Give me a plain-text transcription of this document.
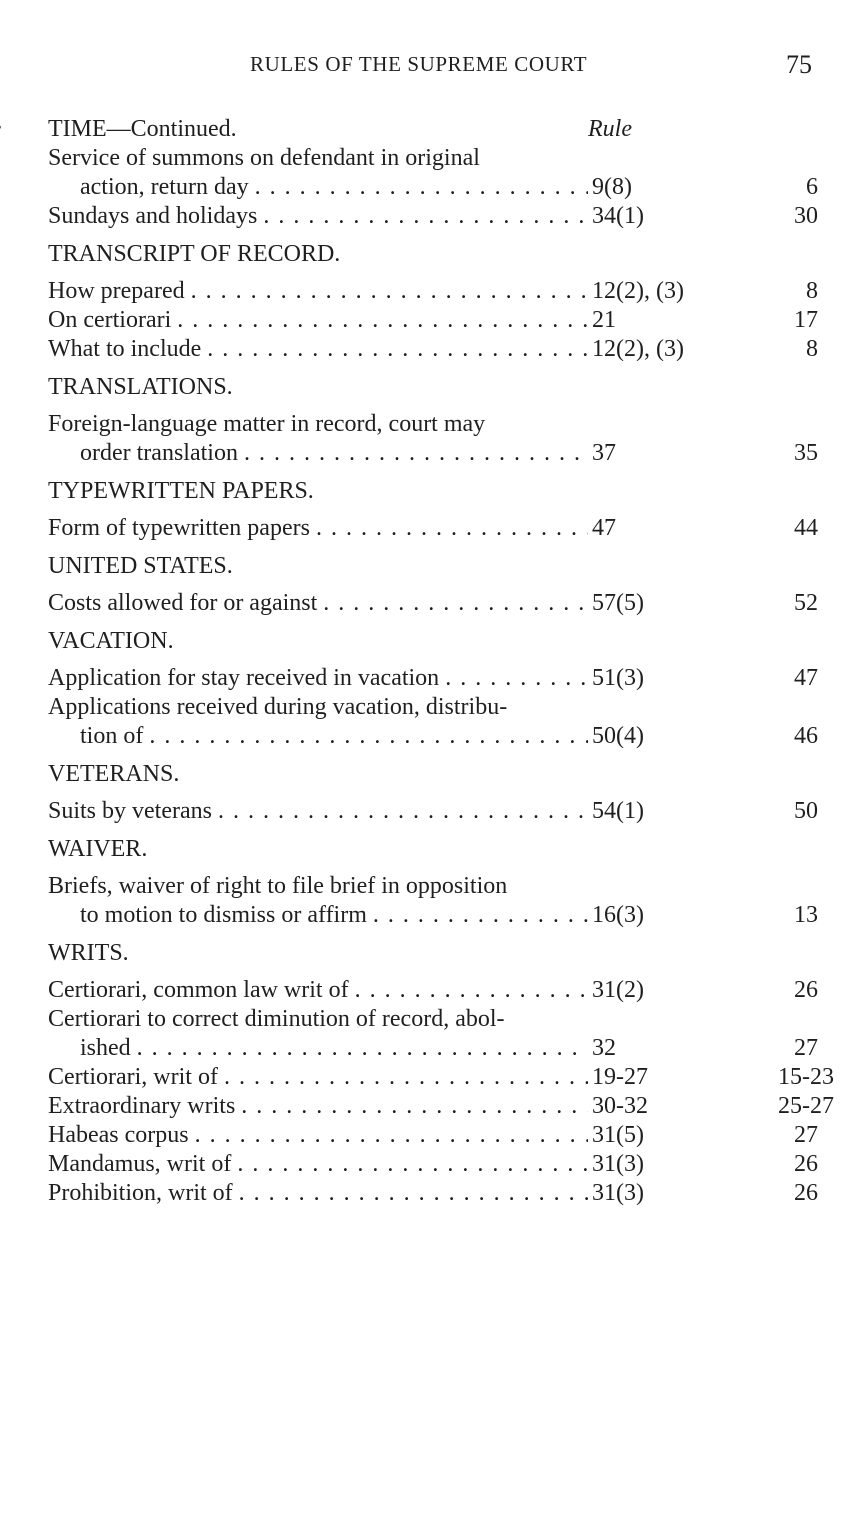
RULES OF THE SUPREME COURT	75
TIME—Continued.	Rule
Service of summons on defendant in original
action, return day . . .	9(8)	6
Sundays and holidays . . .	34(1)	30
TRANSCRIPT OF RECORD.
How prepared . . .	12(2), (3)	8
On certiorari . . .	21	17
What to include . . .	12(2), (3)	8
TRANSLATIONS.
Foreign-language matter in record, court may
order translation . . .	37	35
TYPEWRITTEN PAPERS.
Form of typewritten papers . . .	47	44
UNITED STATES.
Costs allowed for or against . . .	57(5)	52
VACATION.
Application for stay received in vacation . . .	51(3)	47
Applications received during vacation, distribu-
tion of . . .	50(4)	46
VETERANS.
Suits by veterans . . .	54(1)	50
WAIVER.
Briefs, waiver of right to file brief in opposition
to motion to dismiss or affirm . . .	16(3)	13
WRITS.
Certiorari, common law writ of . . .	31(2)	26
Certiorari to correct diminution of record, abol-
ished . . .	32	27
Certiorari, writ of . . .	19-27	15-23
Extraordinary writs . . .	30-32	25-27
Habeas corpus . . .	31(5)	27
Mandamus, writ of . . .	31(3)	26
Prohibition, writ of . . .	31(3)	26
